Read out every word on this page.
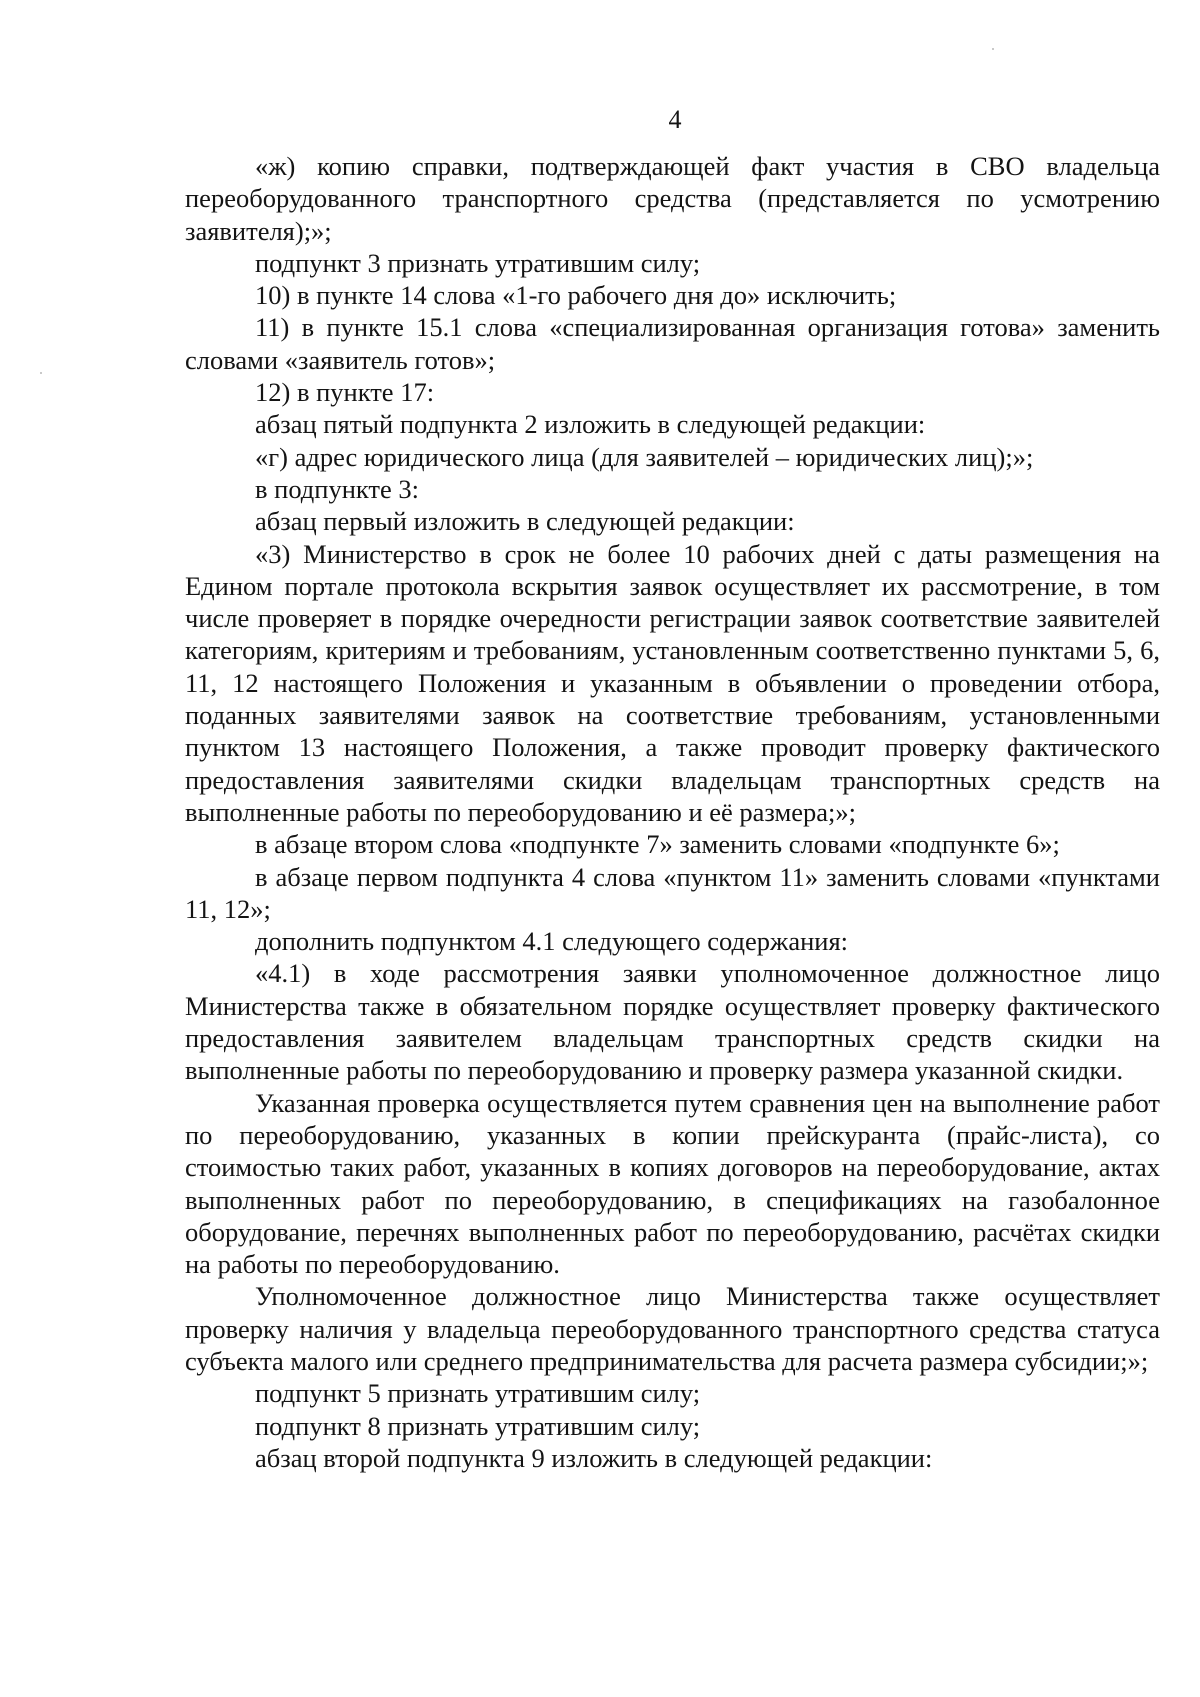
4

«ж) копию справки, подтверждающей факт участия в СВО владельца переоборудованного транспортного средства (представляется по усмотрению заявителя);»;

подпункт 3 признать утратившим силу;

10) в пункте 14 слова «1-го рабочего дня до» исключить;

11) в пункте 15.1 слова «специализированная организация готова» заменить словами «заявитель готов»;

12) в пункте 17:

абзац пятый подпункта 2 изложить в следующей редакции:

«г) адрес юридического лица (для заявителей – юридических лиц);»;

в подпункте 3:

абзац первый изложить в следующей редакции:

«3) Министерство в срок не более 10 рабочих дней с даты размещения на Едином портале протокола вскрытия заявок осуществляет их рассмотрение, в том числе проверяет в порядке очередности регистрации заявок соответствие заявителей категориям, критериям и требованиям, установленным соответственно пунктами 5, 6, 11, 12 настоящего Положения и указанным в объявлении о проведении отбора, поданных заявителями заявок на соответствие требованиям, установленными пунктом 13 настоящего Положения, а также проводит проверку фактического предоставления заявителями скидки владельцам транспортных средств на выполненные работы по переоборудованию и её размера;»;

в абзаце втором слова «подпункте 7» заменить словами «подпункте 6»;

в абзаце первом подпункта 4 слова «пунктом 11» заменить словами «пунктами 11, 12»;

дополнить подпунктом 4.1 следующего содержания:

«4.1) в ходе рассмотрения заявки уполномоченное должностное лицо Министерства также в обязательном порядке осуществляет проверку фактического предоставления заявителем владельцам транспортных средств скидки на выполненные работы по переоборудованию и проверку размера указанной скидки.

Указанная проверка осуществляется путем сравнения цен на выполнение работ по переоборудованию, указанных в копии прейскуранта (прайс-листа), со стоимостью таких работ, указанных в копиях договоров на переоборудование, актах выполненных работ по переоборудованию, в спецификациях на газобалонное оборудование, перечнях выполненных работ по переоборудованию, расчётах скидки на работы по переоборудованию.

Уполномоченное должностное лицо Министерства также осуществляет проверку наличия у владельца переоборудованного транспортного средства статуса субъекта малого или среднего предпринимательства для расчета размера субсидии;»;

подпункт 5 признать утратившим силу;

подпункт 8 признать утратившим силу;

абзац второй подпункта 9 изложить в следующей редакции:
